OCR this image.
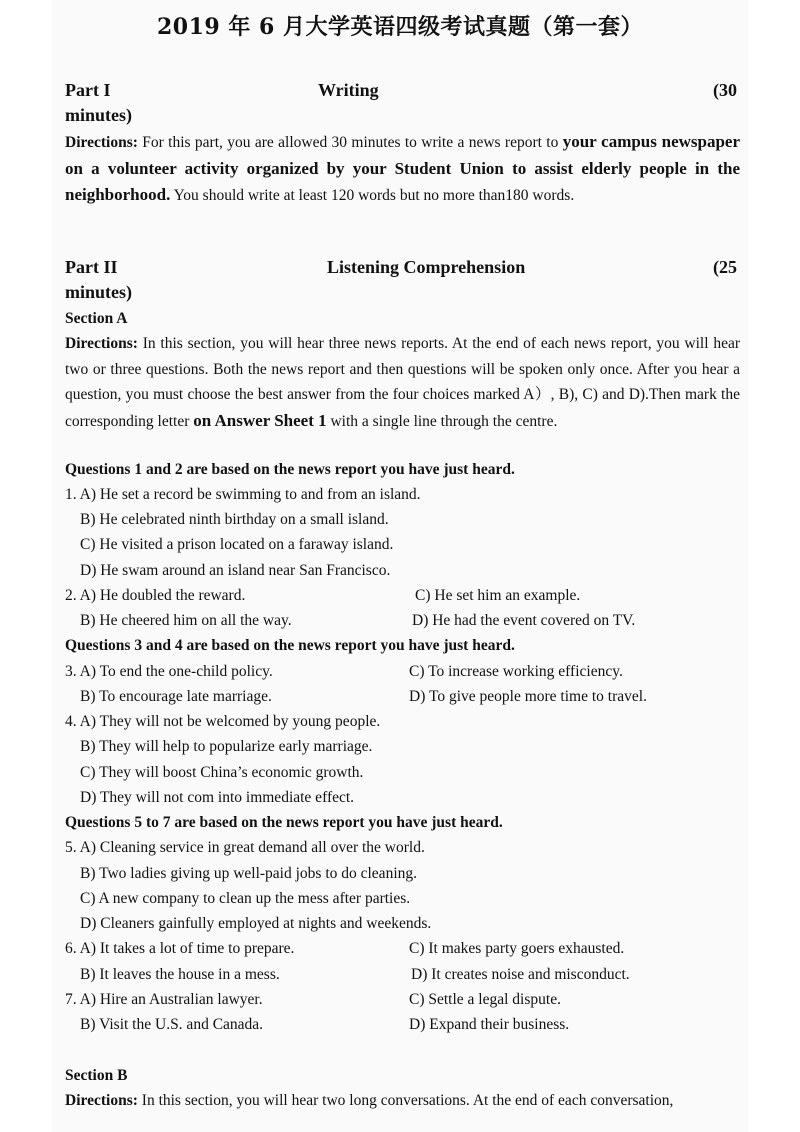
2019 年 6 月大学英语四级考试真题（第一套）
Part I	Writing	(30
minutes)
Directions: For this part, you are allowed 30 minutes to write a news report to your campus newspaper on a volunteer activity organized by your Student Union to assist elderly people in the neighborhood. You should write at least 120 words but no more than180 words.
Part II	Listening Comprehension	(25
minutes)
Section A
Directions: In this section, you will hear three news reports. At the end of each news report, you will hear two or three questions. Both the news report and then questions will be spoken only once. After you hear a question, you must choose the best answer from the four choices marked A）, B), C) and D).Then mark the corresponding letter on Answer Sheet 1 with a single line through the centre.
Questions 1 and 2 are based on the news report you have just heard.
1. A) He set a record be swimming to and from an island.
B) He celebrated ninth birthday on a small island.
C) He visited a prison located on a faraway island.
D) He swam around an island near San Francisco.
2. A) He doubled the reward.	C) He set him an example.
B) He cheered him on all the way.	D) He had the event covered on TV.
Questions 3 and 4 are based on the news report you have just heard.
3. A) To end the one-child policy.	C) To increase working efficiency.
B) To encourage late marriage.	D) To give people more time to travel.
4. A) They will not be welcomed by young people.
B) They will help to popularize early marriage.
C) They will boost China’s economic growth.
D) They will not com into immediate effect.
Questions 5 to 7 are based on the news report you have just heard.
5. A) Cleaning service in great demand all over the world.
B) Two ladies giving up well-paid jobs to do cleaning.
C) A new company to clean up the mess after parties.
D) Cleaners gainfully employed at nights and weekends.
6. A) It takes a lot of time to prepare.	C) It makes party goers exhausted.
B) It leaves the house in a mess.	D) It creates noise and misconduct.
7. A) Hire an Australian lawyer.	C) Settle a legal dispute.
B) Visit the U.S. and Canada.	D) Expand their business.
Section B
Directions: In this section, you will hear two long conversations. At the end of each conversation,
